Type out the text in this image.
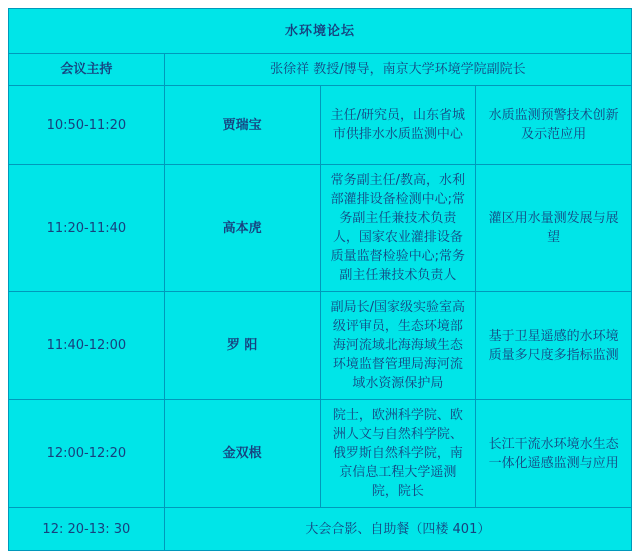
水环境论坛			
会议主持	张徐祥 教授/博导，南京大学环境学院副院长		
10:50-11:20	贾瑞宝	主任/研究员，山东省城市供排水水质监测中心	水质监测预警技术创新及示范应用
11:20-11:40	高本虎	常务副主任/教高，水利部灌排设备检测中心;常务副主任兼技术负责人，国家农业灌排设备质量监督检验中心;常务副主任兼技术负责人	灌区用水量测发展与展望
11:40-12:00	罗 阳	副局长/国家级实验室高级评审员，生态环境部海河流域北海海域生态环境监督管理局海河流域水资源保护局	基于卫星遥感的水环境质量多尺度多指标监测
12:00-12:20	金双根	院士，欧洲科学院、欧洲人文与自然科学院、俄罗斯自然科学院，南京信息工程大学遥测院，院长	长江干流水环境水生态一体化遥感监测与应用
12: 20-13: 30	大会合影、自助餐（四楼 401）		
